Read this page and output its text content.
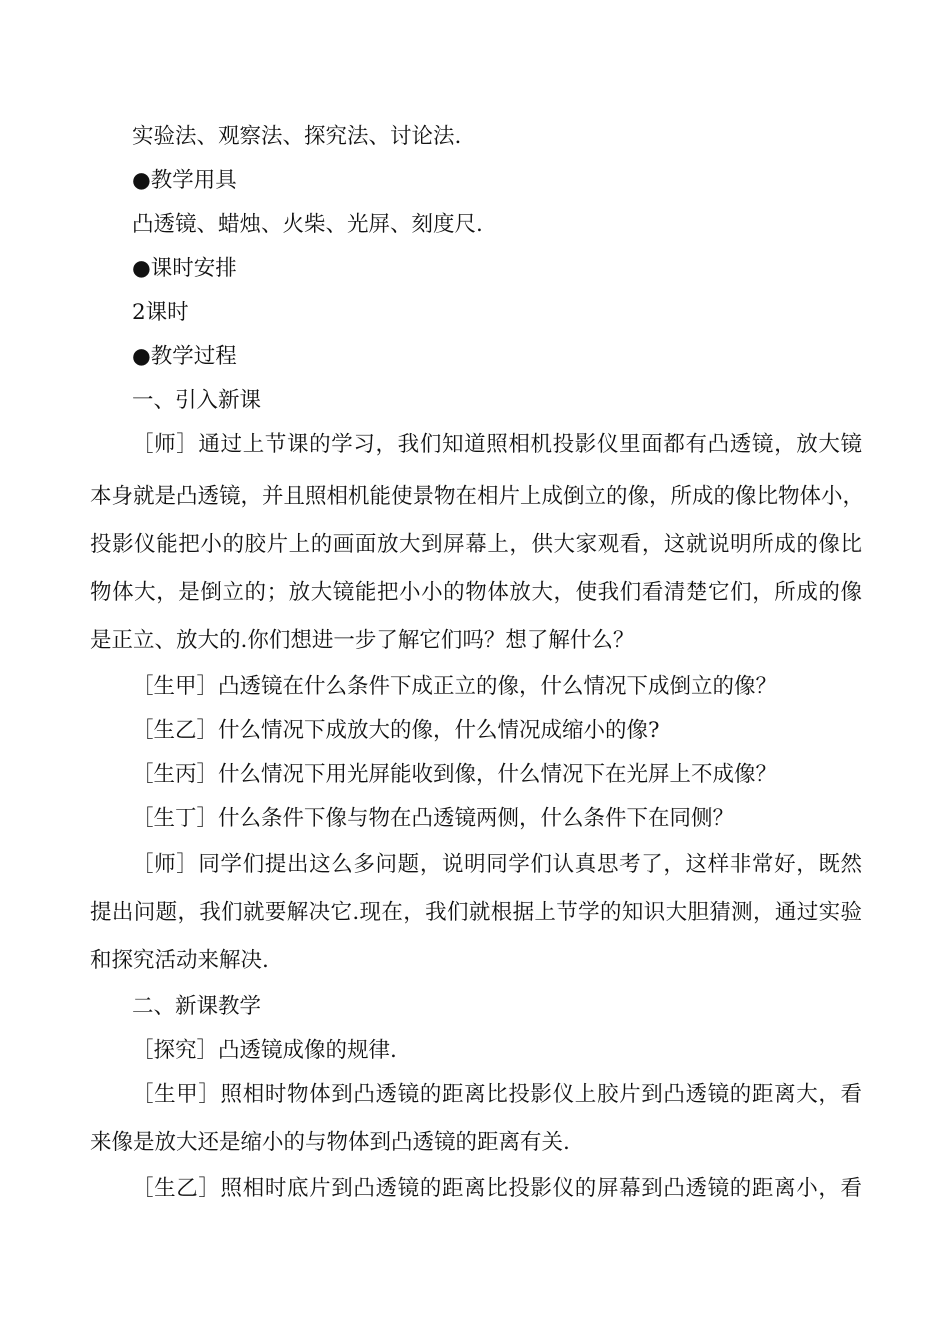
实验法、观察法、探究法、讨论法.
●教学用具
凸透镜、蜡烛、火柴、光屏、刻度尺.
●课时安排
2课时
●教学过程
一、引入新课
［师］通过上节课的学习，我们知道照相机投影仪里面都有凸透镜，放大镜
本身就是凸透镜，并且照相机能使景物在相片上成倒立的像，所成的像比物体小，
投影仪能把小的胶片上的画面放大到屏幕上，供大家观看，这就说明所成的像比
物体大，是倒立的；放大镜能把小小的物体放大，使我们看清楚它们，所成的像
是正立、放大的.你们想进一步了解它们吗？想了解什么？
［生甲］凸透镜在什么条件下成正立的像，什么情况下成倒立的像？
［生乙］什么情况下成放大的像，什么情况成缩小的像?
［生丙］什么情况下用光屏能收到像，什么情况下在光屏上不成像？
［生丁］什么条件下像与物在凸透镜两侧，什么条件下在同侧？
［师］同学们提出这么多问题，说明同学们认真思考了，这样非常好，既然
提出问题，我们就要解决它.现在，我们就根据上节学的知识大胆猜测，通过实验
和探究活动来解决.
二、新课教学
［探究］凸透镜成像的规律.
［生甲］照相时物体到凸透镜的距离比投影仪上胶片到凸透镜的距离大，看
来像是放大还是缩小的与物体到凸透镜的距离有关.
［生乙］照相时底片到凸透镜的距离比投影仪的屏幕到凸透镜的距离小，看
